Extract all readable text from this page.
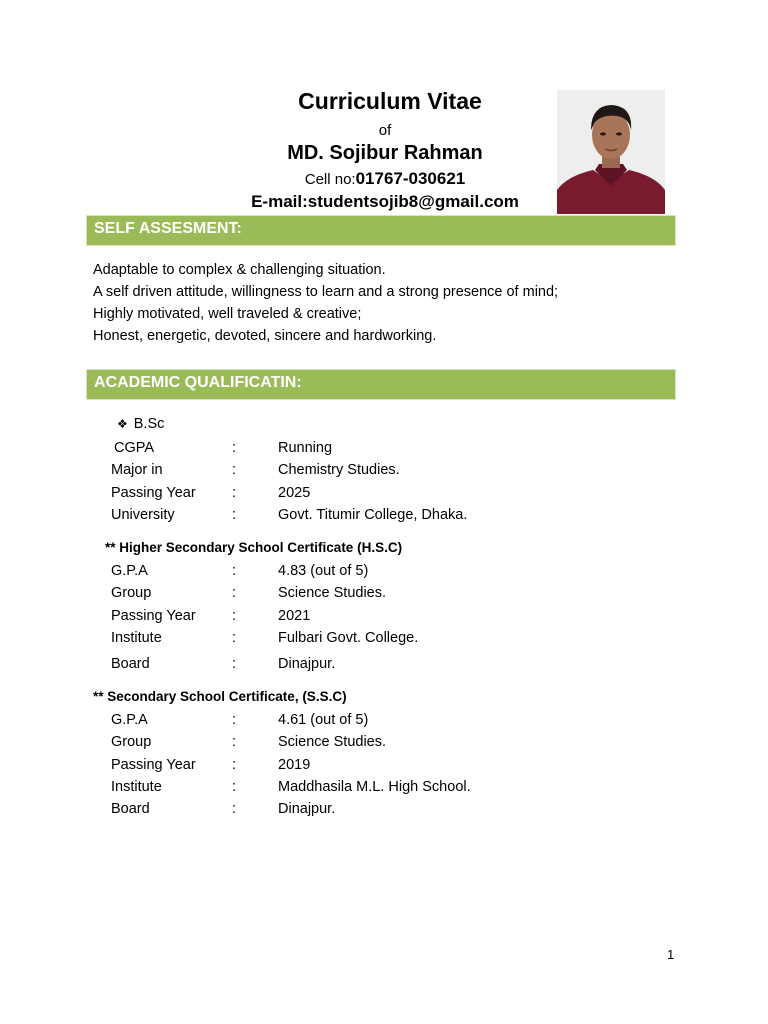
Curriculum Vitae
of
MD. Sojibur Rahman
Cell no:01767-030621
E-mail:studentsojib8@gmail.com
SELF ASSESMENT:
Adaptable to complex & challenging situation.
A self driven attitude, willingness to learn and a strong presence of mind;
Highly motivated, well traveled & creative;
Honest, energetic, devoted, sincere and hardworking.
ACADEMIC QUALIFICATIN:
❖ B.Sc
CGPA	:	Running
Major in	:	Chemistry Studies.
Passing Year	:	2025
University	:	Govt. Titumir College, Dhaka.
** Higher Secondary School Certificate (H.S.C)
G.P.A	:	4.83 (out of 5)
Group	:	Science Studies.
Passing Year	:	2021
Institute	:	Fulbari Govt. College.
Board	:	Dinajpur.
** Secondary School Certificate, (S.S.C)
G.P.A	:	4.61 (out of 5)
Group	:	Science Studies.
Passing Year	:	2019
Institute	:	Maddhasila M.L. High School.
Board	:	Dinajpur.
1
